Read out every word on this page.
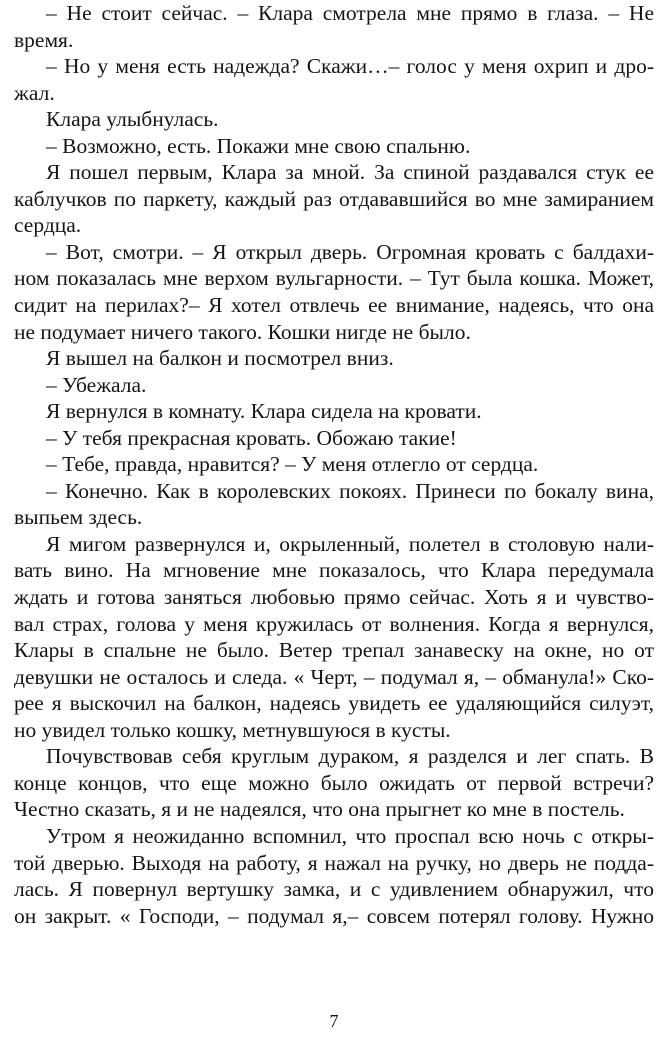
– Не стоит сейчас. – Клара смотрела мне прямо в глаза. – Не
время.
– Но у меня есть надежда? Скажи…– голос у меня охрип и дро-
жал.
Клара улыбнулась.
– Возможно, есть. Покажи мне свою спальню.
Я пошел первым, Клара за мной. За спиной раздавался стук ее
каблучков по паркету, каждый раз отдававшийся во мне замиранием
сердца.
– Вот, смотри. – Я открыл дверь. Огромная кровать с балдахи-
ном показалась мне верхом вульгарности. – Тут была кошка. Может,
сидит на перилах?– Я хотел отвлечь ее внимание, надеясь, что она
не подумает ничего такого. Кошки нигде не было.
Я вышел на балкон и посмотрел вниз.
– Убежала.
Я вернулся в комнату. Клара сидела на кровати.
– У тебя прекрасная кровать. Обожаю такие!
– Тебе, правда, нравится? – У меня отлегло от сердца.
– Конечно. Как в королевских покоях. Принеси по бокалу вина,
выпьем здесь.
Я мигом развернулся и, окрыленный, полетел в столовую нали-
вать вино. На мгновение мне показалось, что Клара передумала
ждать и готова заняться любовью прямо сейчас. Хоть я и чувство-
вал страх, голова у меня кружилась от волнения. Когда я вернулся,
Клары в спальне не было. Ветер трепал занавеску на окне, но от
девушки не осталось и следа. « Черт, – подумал я, – обманула!» Ско-
рее я выскочил на балкон, надеясь увидеть ее удаляющийся силуэт,
но увидел только кошку, метнувшуюся в кусты.
Почувствовав себя круглым дураком, я разделся и лег спать. В
конце концов, что еще можно было ожидать от первой встречи?
Честно сказать, я и не надеялся, что она прыгнет ко мне в постель.
Утром я неожиданно вспомнил, что проспал всю ночь с откры-
той дверью. Выходя на работу, я нажал на ручку, но дверь не подда-
лась. Я повернул вертушку замка, и с удивлением обнаружил, что
он закрыт. « Господи, – подумал я,– совсем потерял голову. Нужно
7
